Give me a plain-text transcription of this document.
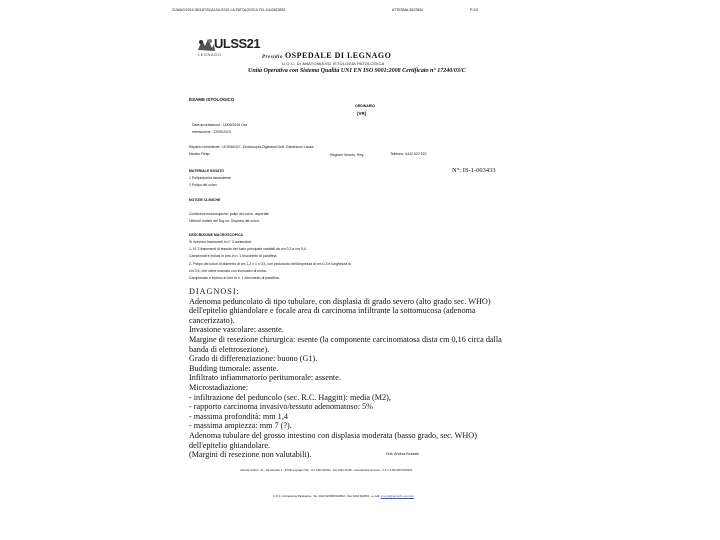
31/MAG/2015 08:51FISCAL/ULSS21 LA PATOLOGICA TEL:0442622832	ATTESMA:3622834	P:2/2
ULSS21
LEGNAGO
Presidio OSPEDALE DI LEGNAGO
U.O.C. DI ANATOMIA ED ISTOLOGIA PATOLOGICA
Unità Operativa con Sistema Qualità UNI EN ISO 9001:2008 Certificato n° 17240/03/C
ESAME ISTOLOGICO
ORDINARIO
(VR)
Data accettazione : 11/05/2015 Ora
refertazione : 22/05/2015
Reparto richiedente : LEGNAGO - Endoscopia Digestiva Dott. Gianfranco Lanza
Medico Resp.	Regione Veneto, Reg.	Telefono: 0442 622 522
MATERIALE INVIATO	N°: IS-1-003433
1 Polipectomia ascendente
2 Polipo del colon
NOTIZIE CLINICHE
Condizioni endoscopiche: polipi del colon, asportati.
Ulteriori notizie del Dig.no: Dispnea del colon.
DESCRIZIONE MACROSCOPICA
Si ricevono frammenti in n° 2 contenitori:
1- N. 2 frammenti di tessuto del fusto principale variabili da cm 0,3 a cm 0,4.
Campionati e inclusi in toto in n. 1 blocchetto di paraffina.
2- Polipo del colon di diametro di cm 1,2 x 1 x 0,5, con peduncolo dell'ampiezza di cm 0,3 e lunghezza di
cm 0,5, che viene marcato con inchiostro di china.
Campionato e incluso in toto in n. 1 blocchetto di paraffina.
DIAGNOSI:
Adenoma peduncolato di tipo tubulare, con displasia di grado severo (alto grado sec. WHO)
dell'epitelio ghiandolare e focale area di carcinoma infiltrante la sottomucosa (adenoma
cancerizzato).
Invasione vascolare: assente.
Margine di resezione chirurgica: esente (la componente carcinomatosa dista cm 0,16 circa dalla
banda di elettrosezione).
Grado di differenziazione: buono (G1).
Budding tumorale: assente.
Infiltrato infiammatorio peritumorale: assente.
Microstadiazione:
- infiltrazione del peduncolo (sec. R.C. Haggitt): media (M2),
- rapporto carcinoma invasivo/tessuto adenomatoso: 5%
- massima profondità: mm 1,4
- massima ampiezza: mm 7 (?).
Adenoma tubulare del grosso intestino con displasia moderata (basso grado, sec. WHO)
dell'epitelio ghiandolare.
(Margini di resezione non valutabili).	Dott. Andrea Bossato
Azienda ULSS n. 21 - Via Gianella, 1 - 37045 Legnago (VR) - Tel. 0442 622111 - Fax 0442 24105 - www.aulss21.verona.it - C.F. e P.IVA 02574230233
U.O.C. di Anatomia Patologica - Tel. 0442 622825/622832 - Fax 0442 622834 - e-mail: ana.pat@aulss21.verona.it
